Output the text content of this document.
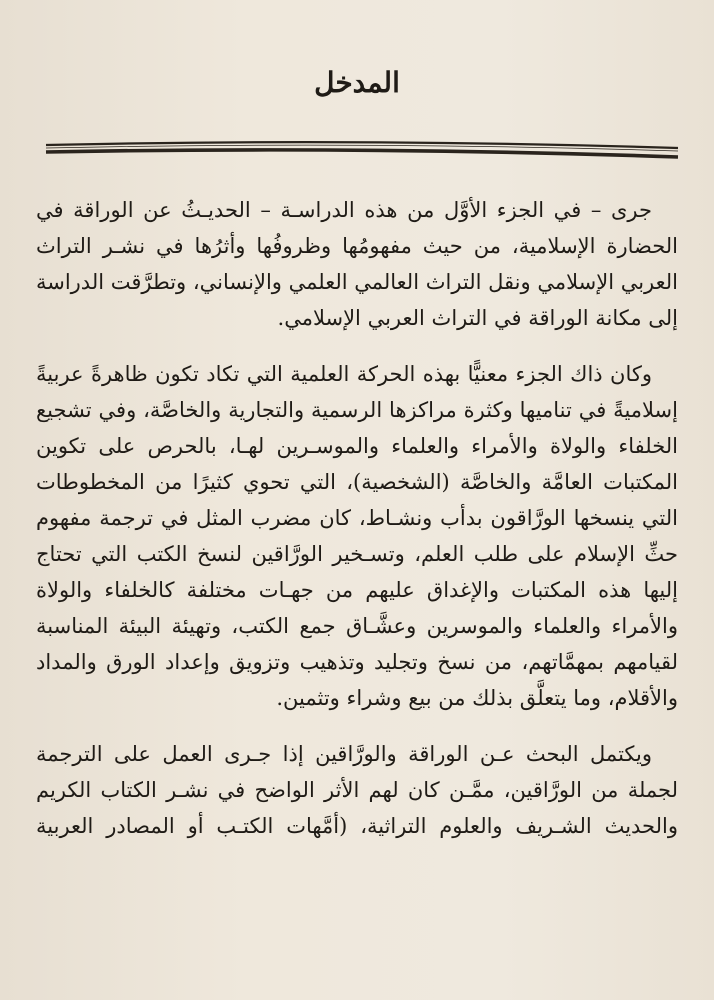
المدخل
جرى – في الجزء الأوَّل من هذه الدراسـة – الحديـثُ عن الوراقة في
الحضارة الإسلامية، من حيث مفهومُها وظروفُها وأثرُها في نشـر التراث
العربي الإسلامي ونقل التراث العالمي العلمي والإنساني، وتطرَّقت الدراسة
إلى مكانة الوراقة في التراث العربي الإسلامي.
وكان ذاك الجزء معنيًّا بهذه الحركة العلمية التي تكاد تكون ظاهرةً عربيةً
إسلاميةً في تناميها وكثرة مراكزها الرسمية والتجارية والخاصَّة، وفي تشجيع
الخلفاء والولاة والأمراء والعلماء والموسـرين لهـا، بالحرص على تكوين
المكتبات العامَّة والخاصَّة (الشخصية)، التي تحوي كثيرًا من المخطوطات
التي ينسخها الورَّاقون بدأب ونشـاط، كان مضرب المثل في ترجمة مفهوم
حثِّ الإسلام على طلب العلم، وتسـخير الورَّاقين لنسخ الكتب التي تحتاج
إليها هذه المكتبات والإغداق عليهم من جهـات مختلفة كالخلفاء والولاة
والأمراء والعلماء والموسرين وعشَّـاق جمع الكتب، وتهيئة البيئة المناسبة
لقيامهم بمهمَّاتهم، من نسخ وتجليد وتذهيب وتزويق وإعداد الورق والمداد
والأقلام، وما يتعلَّق بذلك من بيع وشراء وتثمين.
ويكتمل البحث عـن الوراقة والورَّاقين إذا جـرى العمل على الترجمة
لجملة من الورَّاقين، ممَّـن كان لهم الأثر الواضح في نشـر الكتاب الكريم
والحديث الشـريف والعلوم التراثية، (أمَّهات الكتـب أو المصادر العربية
